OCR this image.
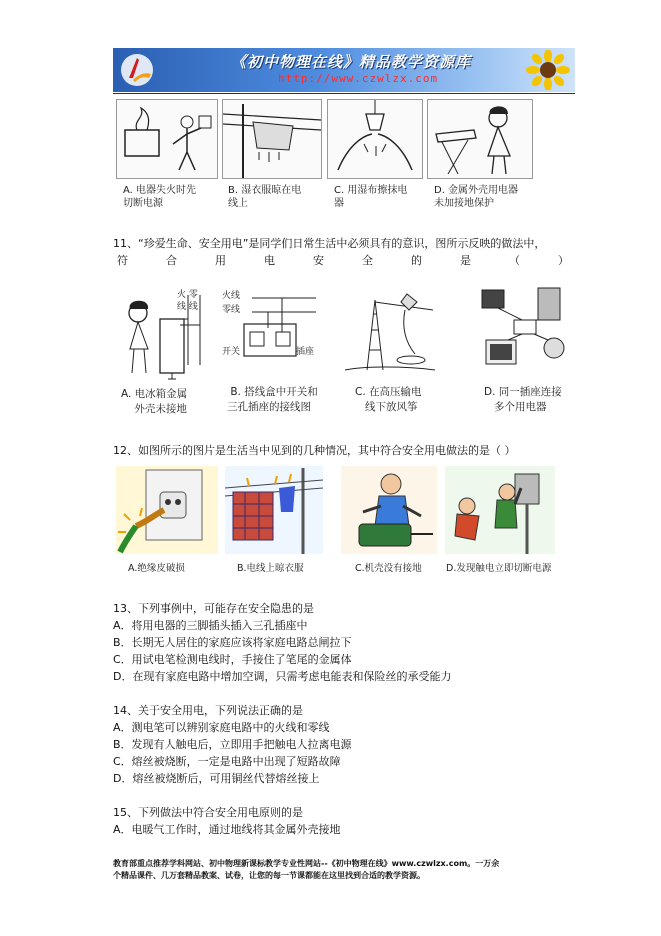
《初中物理在线》精品教学资源库
http://www.czwlzx.com
A. 电器失火时先
切断电源
B. 湿衣服晾在电
线上
C. 用湿布擦抹电
器
D. 金属外壳用电器
未加接地保护
11、“珍爱生命、安全用电”是同学们日常生活中必须具有的意识，图所示反映的做法中，
符	合	用	电	安	全	的	是	（	）
火 零
线 线
火线
零线
开关	插座
A. 电冰箱金属
外壳未接地
B. 搭线盒中开关和
三孔插座的接线图
C. 在高压输电
线下放风筝
D. 同一插座连接
多个用电器
12、如图所示的图片是生活当中见到的几种情况，其中符合安全用电做法的是（ ）
A.绝缘皮破损	B.电线上晾衣服	C.机壳没有接地	D.发现触电立即切断电源
13、下列事例中，可能存在安全隐患的是
A．将用电器的三脚插头插入三孔插座中
B．长期无人居住的家庭应该将家庭电路总闸拉下
C．用试电笔检测电线时，手接住了笔尾的金属体
D．在现有家庭电路中增加空调，只需考虑电能表和保险丝的承受能力
14、关于安全用电，下列说法正确的是
A．测电笔可以辨别家庭电路中的火线和零线
B．发现有人触电后，立即用手把触电人拉离电源
C．熔丝被烧断，一定是电路中出现了短路故障
D．熔丝被烧断后，可用铜丝代替熔丝接上
15、下列做法中符合安全用电原则的是
A．电暖气工作时，通过地线将其金属外壳接地
教育部重点推荐学科网站、初中物理新课标教学专业性网站--《初中物理在线》www.czwlzx.com。一万余
个精品课件、几万套精品教案、试卷，让您的每一节课都能在这里找到合适的教学资源。
